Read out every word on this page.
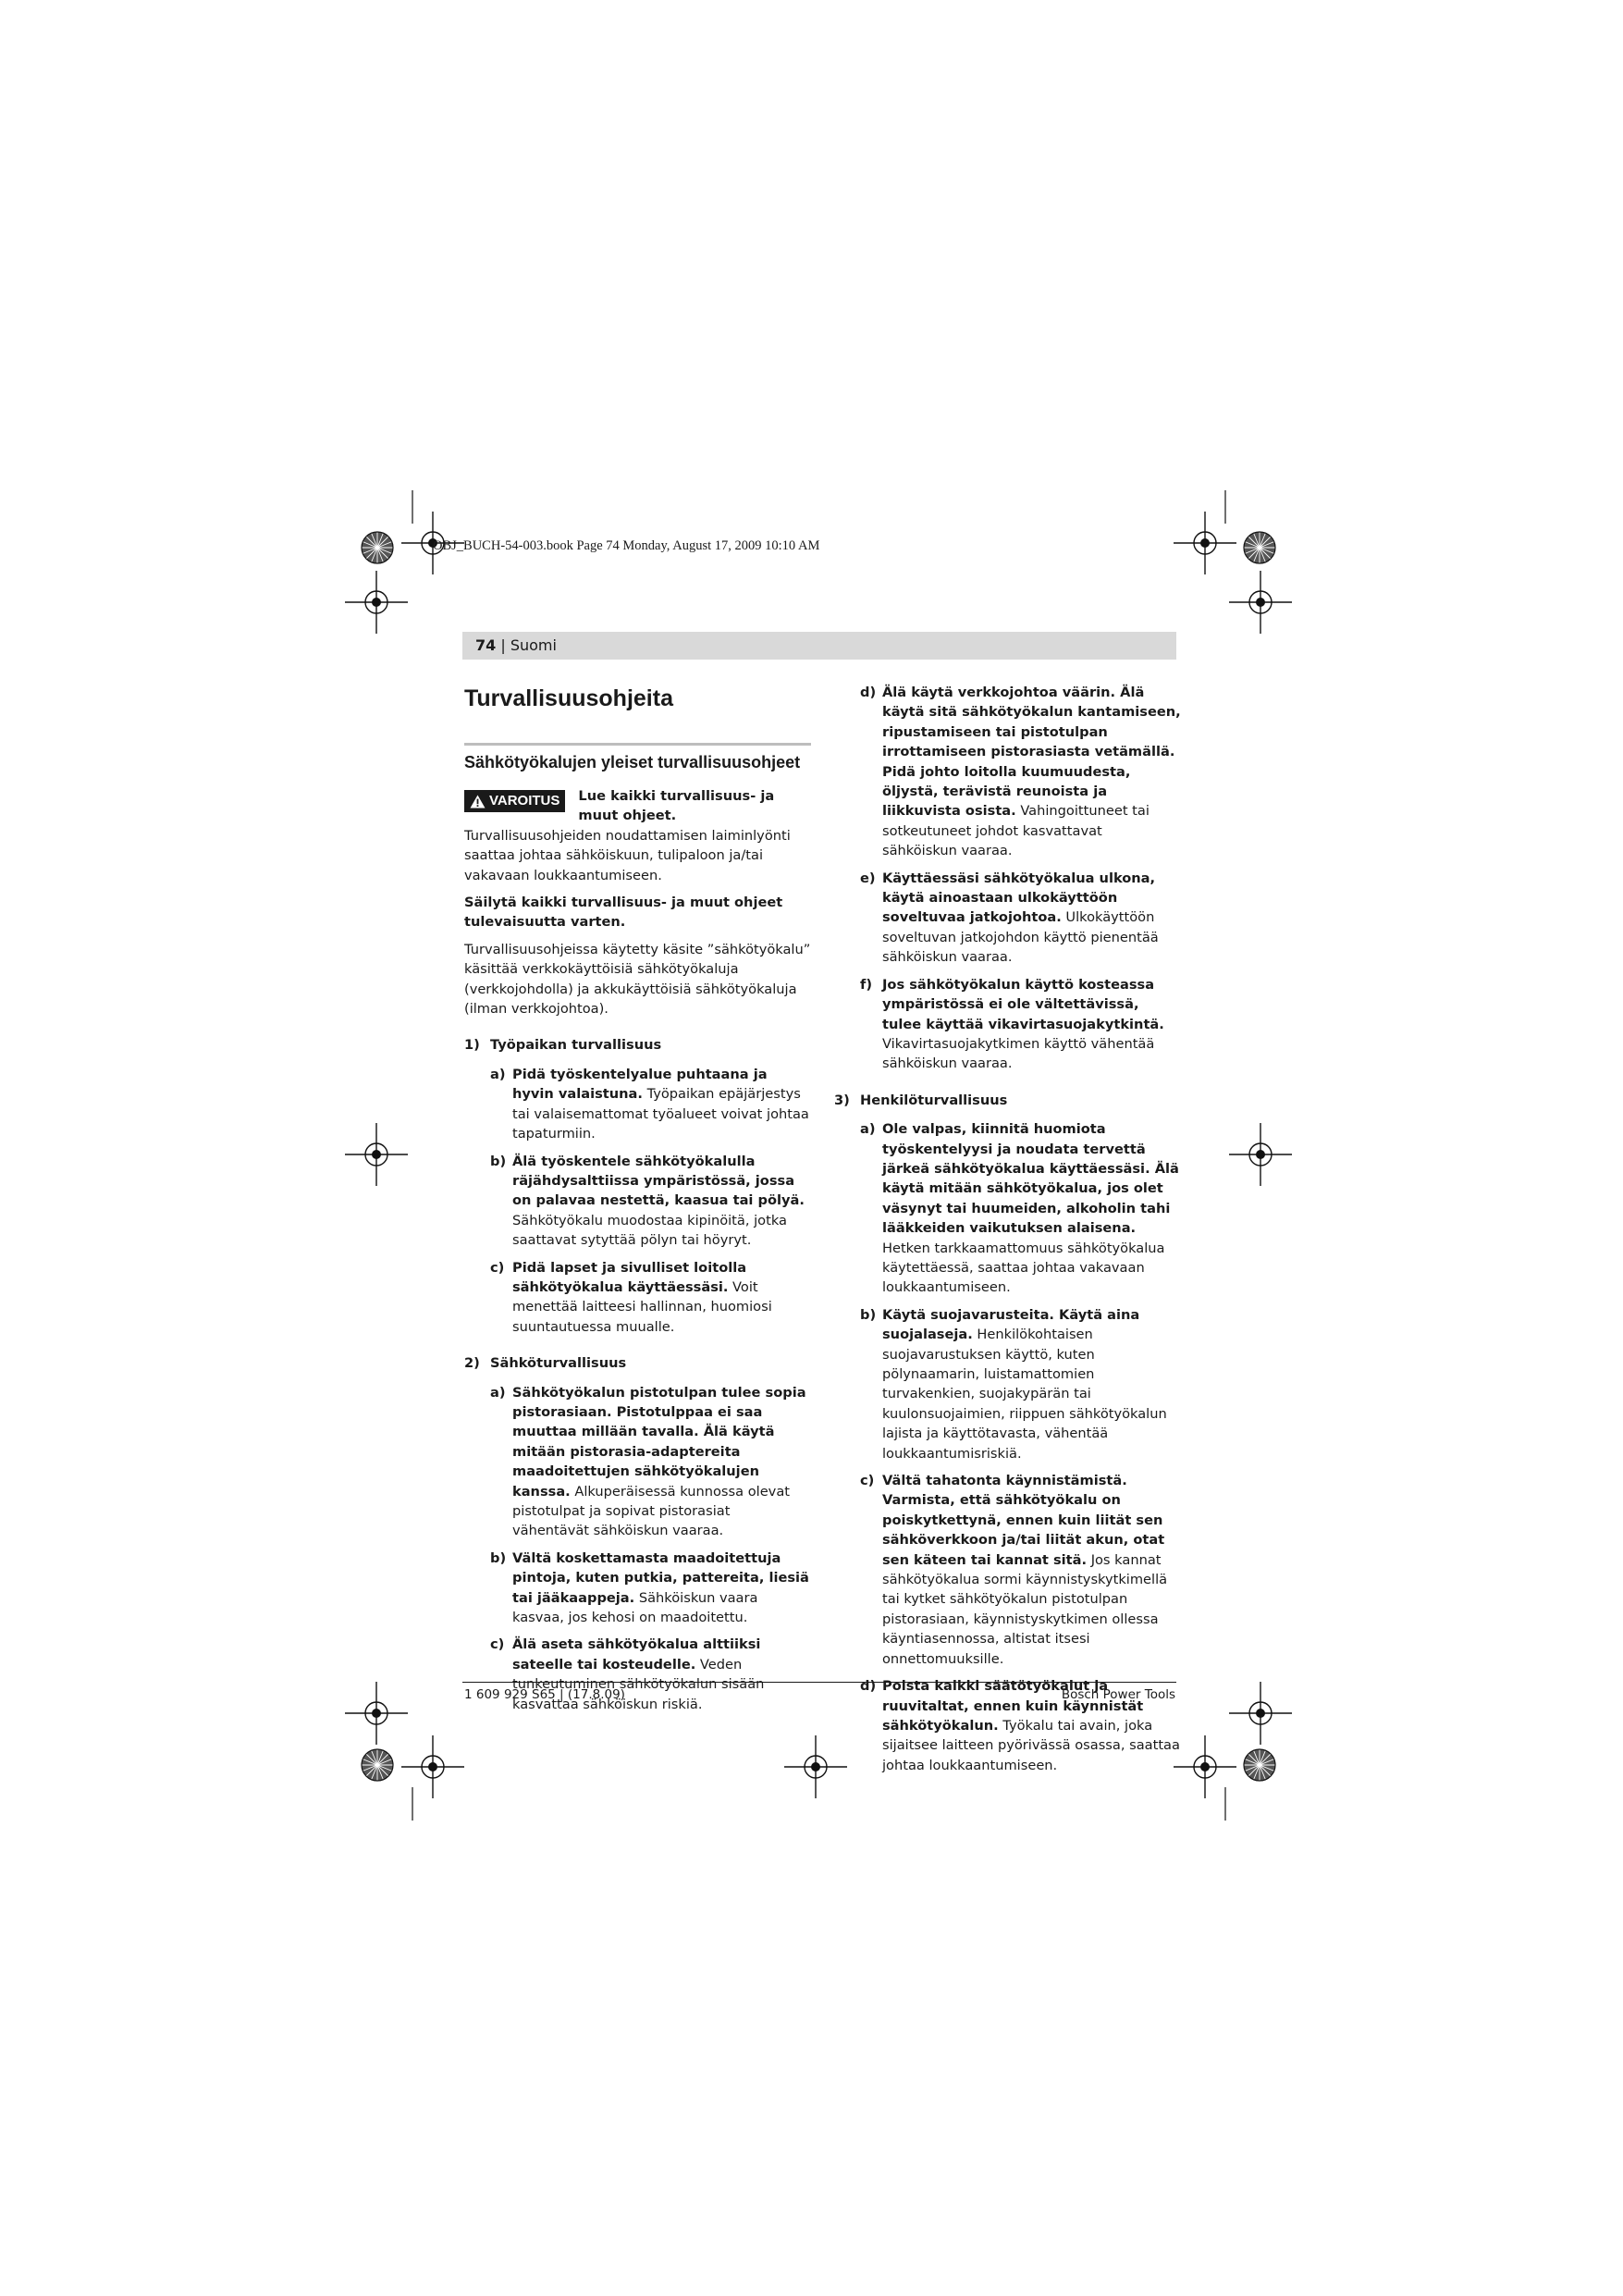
OBJ_BUCH-54-003.book Page 74 Monday, August 17, 2009 10:10 AM
74 | Suomi
Turvallisuusohjeita
Sähkötyökalujen yleiset turvallisuusohjeet

VAROITUS Lue kaikki turvallisuus- ja muut ohjeet. Turvallisuusohjeiden noudattamisen laiminlyönti saattaa johtaa sähköiskuun, tulipaloon ja/tai vakavaan loukkaantumiseen.

Säilytä kaikki turvallisuus- ja muut ohjeet tulevaisuutta varten.

Turvallisuusohjeissa käytetty käsite ”sähkötyökalu” käsittää verkkokäyttöisiä sähkötyökaluja (verkkojohdolla) ja akkukäyttöisiä sähkötyökaluja (ilman verkkojohtoa).

1) Työpaikan turvallisuus
a) Pidä työskentelyalue puhtaana ja hyvin valaistuna. Työpaikan epäjärjestys tai valaisemattomat työalueet voivat johtaa tapaturmiin.
b) Älä työskentele sähkötyökalulla räjähdysalttiissa ympäristössä, jossa on palavaa nestettä, kaasua tai pölyä. Sähkötyökalu muodostaa kipinöitä, jotka saattavat sytyttää pölyn tai höyryt.
c) Pidä lapset ja sivulliset loitolla sähkötyökalua käyttäessäsi. Voit menettää laitteesi hallinnan, huomiosi suuntautuessa muualle.
2) Sähköturvallisuus
a) Sähkötyökalun pistotulpan tulee sopia pistorasiaan. Pistotulppaa ei saa muuttaa millään tavalla. Älä käytä mitään pistorasia-adaptereita maadoitettujen sähkötyökalujen kanssa. Alkuperäisessä kunnossa olevat pistotulpat ja sopivat pistorasiat vähentävät sähköiskun vaaraa.
b) Vältä koskettamasta maadoitettuja pintoja, kuten putkia, pattereita, liesiä tai jääkaappeja. Sähköiskun vaara kasvaa, jos kehosi on maadoitettu.
c) Älä aseta sähkötyökalua alttiiksi sateelle tai kosteudelle. Veden tunkeutuminen sähkötyökalun sisään kasvattaa sähköiskun riskiä.
d) Älä käytä verkkojohtoa väärin. Älä käytä sitä sähkötyökalun kantamiseen, ripustamiseen tai pistotulpan irrottamiseen pistorasiasta vetämällä. Pidä johto loitolla kuumuudesta, öljystä, terävistä reunoista ja liikkuvista osista. Vahingoittuneet tai sotkeutuneet johdot kasvattavat sähköiskun vaaraa.
e) Käyttäessäsi sähkötyökalua ulkona, käytä ainoastaan ulkokäyttöön soveltuvaa jatkojohtoa. Ulkokäyttöön soveltuvan jatkojohdon käyttö pienentää sähköiskun vaaraa.
f) Jos sähkötyökalun käyttö kosteassa ympäristössä ei ole vältettävissä, tulee käyttää vikavirtasuojakytkintä. Vikavirtasuojakytkimen käyttö vähentää sähköiskun vaaraa.
3) Henkilöturvallisuus
a) Ole valpas, kiinnitä huomiota työskentelyysi ja noudata tervettä järkeä sähkötyökalua käyttäessäsi. Älä käytä mitään sähkötyökalua, jos olet väsynyt tai huumeiden, alkoholin tahi lääkkeiden vaikutuksen alaisena. Hetken tarkkaamattomuus sähkötyökalua käytettäessä, saattaa johtaa vakavaan loukkaantumiseen.
b) Käytä suojavarusteita. Käytä aina suojalaseja. Henkilökohtaisen suojavarustuksen käyttö, kuten pölynaamarin, luistamattomien turvakenkien, suojakypärän tai kuulonsuojaimien, riippuen sähkötyökalun lajista ja käyttötavasta, vähentää loukkaantumisriskiä.
c) Vältä tahatonta käynnistämistä. Varmista, että sähkötyökalu on poiskytkettynä, ennen kuin liität sen sähköverkkoon ja/tai liität akun, otat sen käteen tai kannat sitä. Jos kannat sähkötyökalua sormi käynnistyskytkimellä tai kytket sähkötyökalun pistotulpan pistorasiaan, käynnistyskytkimen ollessa käyntiasennossa, altistat itsesi onnettomuuksille.
d) Poista kaikki säätötyökalut ja ruuvitaltat, ennen kuin käynnistät sähkötyökalun. Työkalu tai avain, joka sijaitsee laitteen pyörivässä osassa, saattaa johtaa loukkaantumiseen.
1 609 929 S65 | (17.8.09)	Bosch Power Tools
